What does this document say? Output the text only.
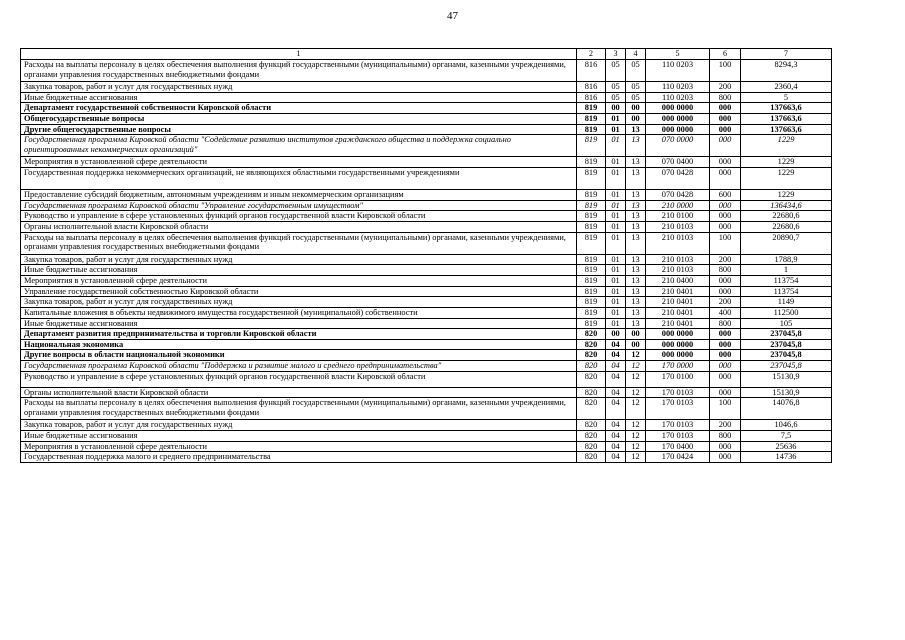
47
1	2	3	4	5	6	7
Расходы на выплаты персоналу в целях обеспечения выполнения функций государственными (муниципальными) органами, казенными учреждениями, органами управления государственных внебюджетными фондами	816	05	05	110 0203	100	8294,3
Закупка товаров, работ и услуг для государственных нужд	816	05	05	110 0203	200	2360,4
Иные бюджетные ассигнования	816	05	05	110 0203	800	5
Департамент государственной собственности Кировской области	819	00	00	000 0000	000	137663,6
Общегосударственные вопросы	819	01	00	000 0000	000	137663,6
Другие общегосударственные вопросы	819	01	13	000 0000	000	137663,6
Государственная программа Кировской области "Содействие развитию институтов гражданского общества и поддержка социально ориентированных некоммерческих организаций"	819	01	13	070 0000	000	1229
Мероприятия в установленной сфере деятельности	819	01	13	070 0400	000	1229
Государственная поддержка некоммерческих организаций, не являющихся областными государственными учреждениями	819	01	13	070 0428	000	1229
Предоставление субсидий бюджетным, автономным учреждениям и иным некоммерческим организациям	819	01	13	070 0428	600	1229
Государственная программа Кировской области "Управление государственным имуществом"	819	01	13	210 0000	000	136434,6
Руководство и управление в сфере установленных функций органов государственной власти Кировской области	819	01	13	210 0100	000	22680,6
Органы исполнительной власти Кировской области	819	01	13	210 0103	000	22680,6
Расходы на выплаты персоналу в целях обеспечения выполнения функций государственными (муниципальными) органами, казенными учреждениями, органами управления государственных внебюджетными фондами	819	01	13	210 0103	100	20890,7
Закупка товаров, работ и услуг для государственных нужд	819	01	13	210 0103	200	1788,9
Иные бюджетные ассигнования	819	01	13	210 0103	800	1
Мероприятия в установленной сфере деятельности	819	01	13	210 0400	000	113754
Управление государственной собственностью Кировской области	819	01	13	210 0401	000	113754
Закупка товаров, работ и услуг для государственных нужд	819	01	13	210 0401	200	1149
Капитальные вложения в объекты недвижимого имущества государственной (муниципальной) собственности	819	01	13	210 0401	400	112500
Иные бюджетные ассигнования	819	01	13	210 0401	800	105
Департамент развития предпринимательства и торговли Кировской области	820	00	00	000 0000	000	237045,8
Национальная экономика	820	04	00	000 0000	000	237045,8
Другие вопросы в области национальной экономики	820	04	12	000 0000	000	237045,8
Государственная программа Кировской области "Поддержка и развитие малого и среднего предпринимательства"	820	04	12	170 0000	000	237045,8
Руководство и управление в сфере установленных функций органов государственной власти Кировской области	820	04	12	170 0100	000	15130,9
Органы исполнительной власти Кировской области	820	04	12	170 0103	000	15130,9
Расходы на выплаты персоналу в целях обеспечения выполнения функций государственными (муниципальными) органами, казенными учреждениями, органами управления государственных внебюджетными фондами	820	04	12	170 0103	100	14076,8
Закупка товаров, работ и услуг для государственных нужд	820	04	12	170 0103	200	1046,6
Иные бюджетные ассигнования	820	04	12	170 0103	800	7,5
Мероприятия в установленной сфере деятельности	820	04	12	170 0400	000	25636
Государственная поддержка малого и среднего предпринимательства	820	04	12	170 0424	000	14736
